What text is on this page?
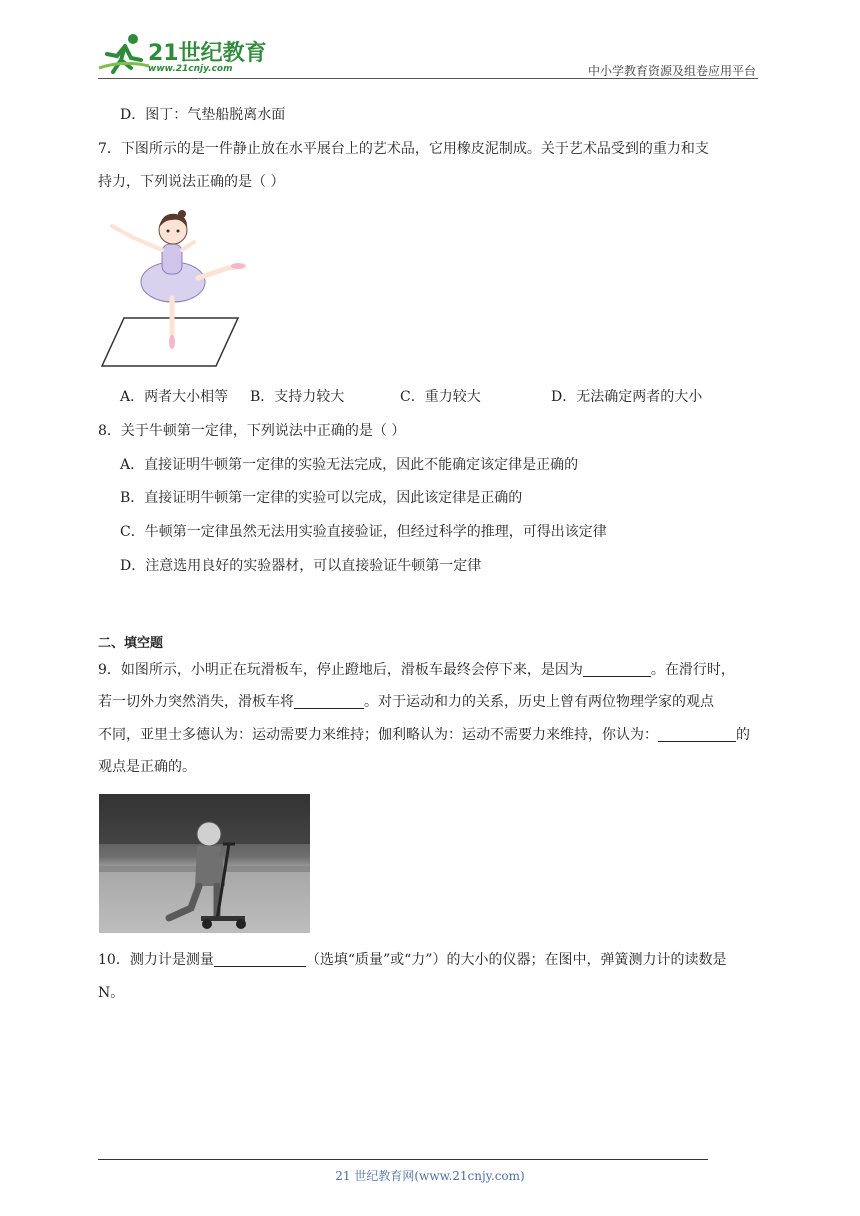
21世纪教育
www.21cnjy.com	中小学教育资源及组卷应用平台
D．图丁：气垫船脱离水面
7．下图所示的是一件静止放在水平展台上的艺术品，它用橡皮泥制成。关于艺术品受到的重力和支
持力，下列说法正确的是（ ）
A．两者大小相等 B．支持力较大	C．重力较大	D．无法确定两者的大小
8．关于牛顿第一定律，下列说法中正确的是（ ）
A．直接证明牛顿第一定律的实验无法完成，因此不能确定该定律是正确的
B．直接证明牛顿第一定律的实验可以完成，因此该定律是正确的
C．牛顿第一定律虽然无法用实验直接验证，但经过科学的推理，可得出该定律
D．注意选用良好的实验器材，可以直接验证牛顿第一定律
二、填空题
9．如图所示，小明正在玩滑板车，停止蹬地后，滑板车最终会停下来，是因为	。在滑行时，
若一切外力突然消失，滑板车将	。对于运动和力的关系，历史上曾有两位物理学家的观点
不同，亚里士多德认为：运动需要力来维持；伽利略认为：运动不需要力来维持，你认为：	的
观点是正确的。
10．测力计是测量	（选填“质量”或“力”）的大小的仪器；在图中，弹簧测力计的读数是
N。
21 世纪教育网(www.21cnjy.com)
